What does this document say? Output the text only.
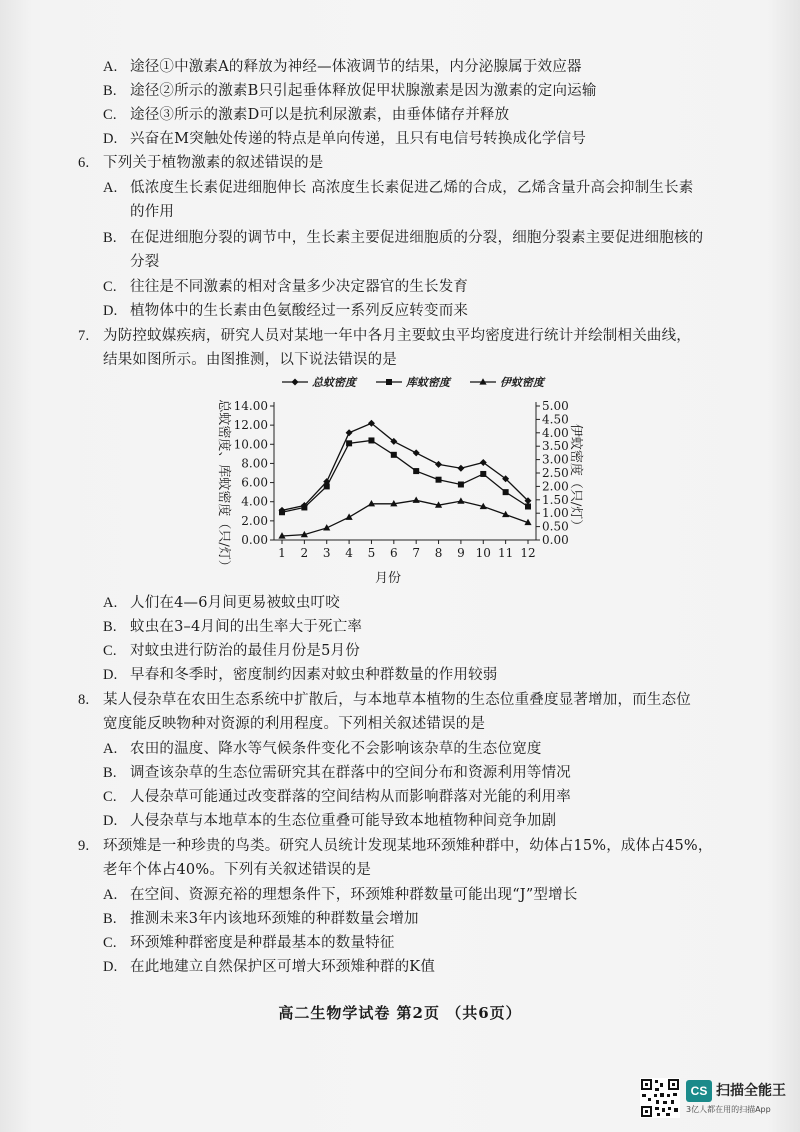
A. 途径①中激素A的释放为神经—体液调节的结果，内分泌腺属于效应器
B. 途径②所示的激素B只引起垂体释放促甲状腺激素是因为激素的定向运输
C. 途径③所示的激素D可以是抗利尿激素，由垂体储存并释放
D. 兴奋在M突触处传递的特点是单向传递，且只有电信号转换成化学信号
6. 下列关于植物激素的叙述错误的是
A. 低浓度生长素促进细胞伸长 高浓度生长素促进乙烯的合成，乙烯含量升高会抑制生长素
的作用
B. 在促进细胞分裂的调节中，生长素主要促进细胞质的分裂，细胞分裂素主要促进细胞核的
分裂
C. 往往是不同激素的相对含量多少决定器官的生长发育
D. 植物体中的生长素由色氨酸经过一系列反应转变而来
7. 为防控蚊媒疾病，研究人员对某地一年中各月主要蚊虫平均密度进行统计并绘制相关曲线，
结果如图所示。由图推测，以下说法错误的是
总蚊密度	库蚊密度	伊蚊密度
0.00
2.00
4.00
6.00
8.00
10.00
12.00
14.00
0.00
0.50
1.00
1.50
2.00
2.50
3.00
3.50
4.00
4.50
5.00
1 2 3 4 5 6 7 8 9 10 11 12
总蚊密度、库蚊密度（只/灯）	伊蚊密度（只/灯）
月份
A. 人们在4—6月间更易被蚊虫叮咬
B. 蚊虫在3–4月间的出生率大于死亡率
C. 对蚊虫进行防治的最佳月份是5月份
D. 早春和冬季时，密度制约因素对蚊虫种群数量的作用较弱
8. 某人侵杂草在农田生态系统中扩散后，与本地草本植物的生态位重叠度显著增加，而生态位
宽度能反映物种对资源的利用程度。下列相关叙述错误的是
A. 农田的温度、降水等气候条件变化不会影响该杂草的生态位宽度
B. 调查该杂草的生态位需研究其在群落中的空间分布和资源利用等情况
C. 人侵杂草可能通过改变群落的空间结构从而影响群落对光能的利用率
D. 人侵杂草与本地草本的生态位重叠可能导致本地植物种间竞争加剧
9. 环颈雉是一种珍贵的鸟类。研究人员统计发现某地环颈雉种群中，幼体占15%，成体占45%，
老年个体占40%。下列有关叙述错误的是
A. 在空间、资源充裕的理想条件下，环颈雉种群数量可能出现“J”型增长
B. 推测未来3年内该地环颈雉的种群数量会增加
C. 环颈雉种群密度是种群最基本的数量特征
D. 在此地建立自然保护区可增大环颈雉种群的K值
高二生物学试卷 第2页 （共6页）
CS 扫描全能王
3亿人都在用的扫描App
